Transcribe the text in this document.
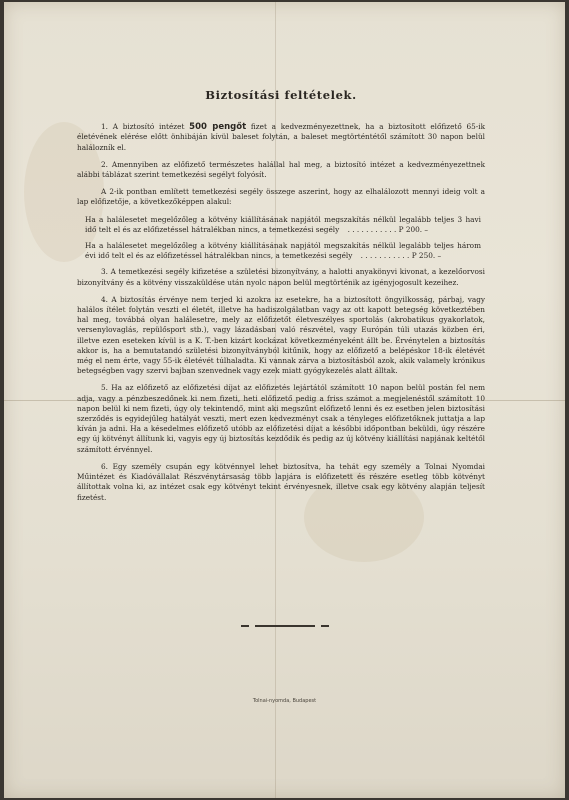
Biztosítási feltételek.

1. A biztosító intézet 500 pengőt fizet a kedvezményezettnek, ha a biztosított előfizető 65-ik életévének elérése előtt önhibáján kívül baleset folytán, a baleset megtörténtétől számított 30 napon belül halálozník el.

2. Amennyiben az előfizető természetes halállal hal meg, a biztosító intézet a kedvezményezettnek alábbi táblázat szerint temetkezési segélyt folyósít.

A 2-ik pontban említett temetkezési segély összege aszerint, hogy az elhalálozott mennyi ideig volt a lap előfizetője, a következőképpen alakul:

Ha a halálesetet megelőzőleg a kötvény kiállításának napjától megszakítás nélkül legalább teljes 3 havi idő telt el és az előfizetéssel hátralékban nincs, a temetkezési segély . . . . . . . . . . . P 200. –
Ha a halálesetet megelőzőleg a kötvény kiállításának napjától megszakítás nélkül legalább teljes három évi idő telt el és az előfizetéssel hátralékban nincs, a temetkezési segély . . . . . . . . . . . P 250. –

3. A temetkezési segély kifizetése a születési bizonyítvány, a halotti anyakönyvi kivonat, a kezelőorvosi bizonyítvány és a kötvény visszaküldése után nyolc napon belül megtörténik az igényjogosult kezeihez.

4. A biztosítás érvénye nem terjed ki azokra az esetekre, ha a biztosított öngyilkosság, párbaj, vagy halálos ítélet folytán veszti el életét, illetve ha hadiszolgálatban vagy az ott kapott betegség következtében hal meg, továbbá olyan halálesetre, mely az előfizetőt életveszélyes sportolás (akrobatikus gyakorlatok, versenylovaglás, repülősport stb.), vagy lázadásban való részvétel, vagy Európán túli utazás közben éri, illetve ezen eseteken kívül is a K. T.-ben kizárt kockázat következményeként állt be. Érvénytelen a biztosítás akkor is, ha a bemutatandó születési bizonyítványból kitűnik, hogy az előfizető a belépéskor 18-ik életévét még el nem érte, vagy 55-ik életévét túlhaladta. Ki vannak zárva a biztosításból azok, akik valamely krónikus betegségben vagy szervi bajban szenvednek vagy ezek miatt gyógykezelés alatt álltak.

5. Ha az előfizető az előfizetési díjat az előfizetés lejártától számított 10 napon belül postán fel nem adja, vagy a pénzbeszedőnek ki nem fizeti, heti előfizető pedig a friss számot a megjelenéstől számított 10 napon belül ki nem fizeti, úgy oly tekintendő, mint aki megszűnt előfizető lenni és ez esetben jelen biztosítási szerződés is egyidejűleg hatályát veszti, mert ezen kedvezményt csak a tényleges előfizetőknek juttatja a lap kíván ja adni. Ha a késedelmes előfizető utóbb az előfizetési díjat a későbbi időpontban beküldi, úgy részére egy új kötvényt állítunk ki, vagyis egy új biztosítás kezdődik és pedig az új kötvény kiállítási napjának keltétől számított érvénnyel.

6. Egy személy csupán egy kötvénnyel lehet biztosítva, ha tehát egy személy a Tolnai Nyomdai Műintézet és Kiadóvállalat Részvénytársaság több lapjára is előfizetett és részére esetleg több kötvényt állítottak volna ki, az intézet csak egy kötvényt tekint érvényesnek, illetve csak egy kötvény alapján teljesít fizetést.

Tolnai-nyomda, Budapest
